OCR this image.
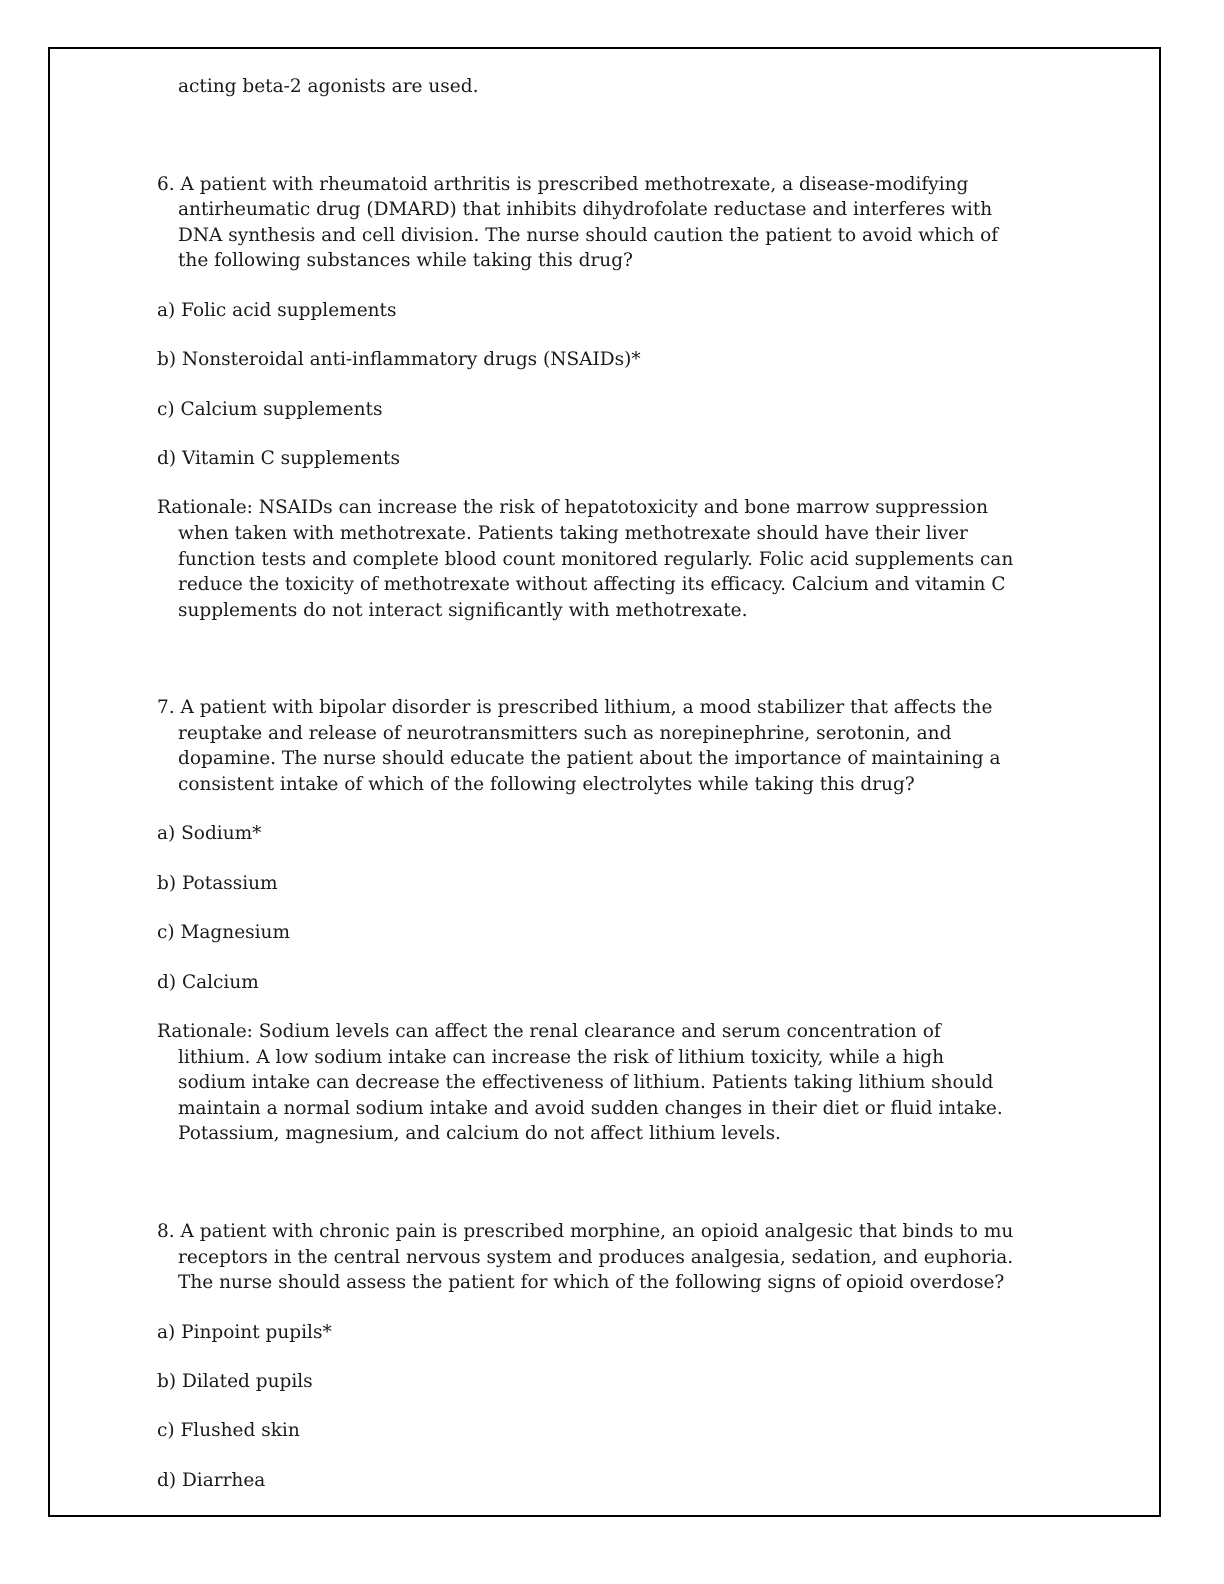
acting beta-2 agonists are used.

6. A patient with rheumatoid arthritis is prescribed methotrexate, a disease-modifying antirheumatic drug (DMARD) that inhibits dihydrofolate reductase and interferes with DNA synthesis and cell division. The nurse should caution the patient to avoid which of the following substances while taking this drug?

a) Folic acid supplements

b) Nonsteroidal anti-inflammatory drugs (NSAIDs)*

c) Calcium supplements

d) Vitamin C supplements

Rationale: NSAIDs can increase the risk of hepatotoxicity and bone marrow suppression when taken with methotrexate. Patients taking methotrexate should have their liver function tests and complete blood count monitored regularly. Folic acid supplements can reduce the toxicity of methotrexate without affecting its efficacy. Calcium and vitamin C supplements do not interact significantly with methotrexate.

7. A patient with bipolar disorder is prescribed lithium, a mood stabilizer that affects the reuptake and release of neurotransmitters such as norepinephrine, serotonin, and dopamine. The nurse should educate the patient about the importance of maintaining a consistent intake of which of the following electrolytes while taking this drug?

a) Sodium*

b) Potassium

c) Magnesium

d) Calcium

Rationale: Sodium levels can affect the renal clearance and serum concentration of lithium. A low sodium intake can increase the risk of lithium toxicity, while a high sodium intake can decrease the effectiveness of lithium. Patients taking lithium should maintain a normal sodium intake and avoid sudden changes in their diet or fluid intake. Potassium, magnesium, and calcium do not affect lithium levels.

8. A patient with chronic pain is prescribed morphine, an opioid analgesic that binds to mu receptors in the central nervous system and produces analgesia, sedation, and euphoria. The nurse should assess the patient for which of the following signs of opioid overdose?

a) Pinpoint pupils*

b) Dilated pupils

c) Flushed skin

d) Diarrhea
